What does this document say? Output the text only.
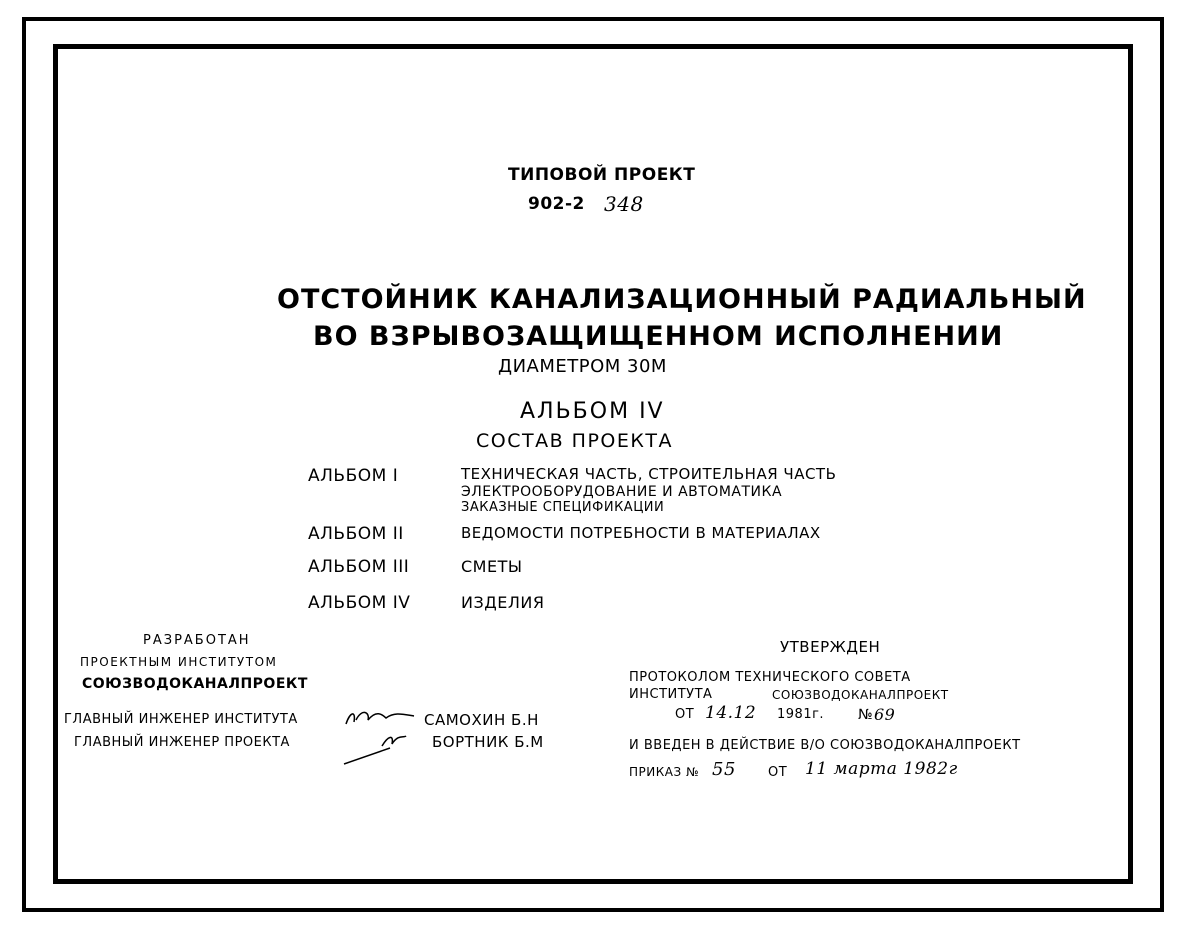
ТИПОВОЙ ПРОЕКТ
902-2 348
ОТСТОЙНИК КАНАЛИЗАЦИОННЫЙ РАДИАЛЬНЫЙ
ВО ВЗРЫВОЗАЩИЩЕННОМ ИСПОЛНЕНИИ
ДИАМЕТРОМ 30М
АЛЬБОМ IV
СОСТАВ ПРОЕКТА
АЛЬБОМ I	ТЕХНИЧЕСКАЯ ЧАСТЬ, СТРОИТЕЛЬНАЯ ЧАСТЬ
ЭЛЕКТРООБОРУДОВАНИЕ И АВТОМАТИКА
ЗАКАЗНЫЕ СПЕЦИФИКАЦИИ
АЛЬБОМ II	ВЕДОМОСТИ ПОТРЕБНОСТИ В МАТЕРИАЛАХ
АЛЬБОМ III	СМЕТЫ
АЛЬБОМ IV	ИЗДЕЛИЯ
РАЗРАБОТАН
ПРОЕКТНЫМ ИНСТИТУТОМ
СОЮЗВОДОКАНАЛПРОЕКТ
ГЛАВНЫЙ ИНЖЕНЕР ИНСТИТУТА	САМОХИН Б.Н
ГЛАВНЫЙ ИНЖЕНЕР ПРОЕКТА	БОРТНИК Б.М
УТВЕРЖДЕН
ПРОТОКОЛОМ ТЕХНИЧЕСКОГО СОВЕТА
ИНСТИТУТА	СОЮЗВОДОКАНАЛПРОЕКТ
ОТ 14.12 1981г. № 69
И ВВЕДЕН В ДЕЙСТВИЕ В/О СОЮЗВОДОКАНАЛПРОЕКТ
ПРИКАЗ № 55 ОТ 11 марта 1982г
